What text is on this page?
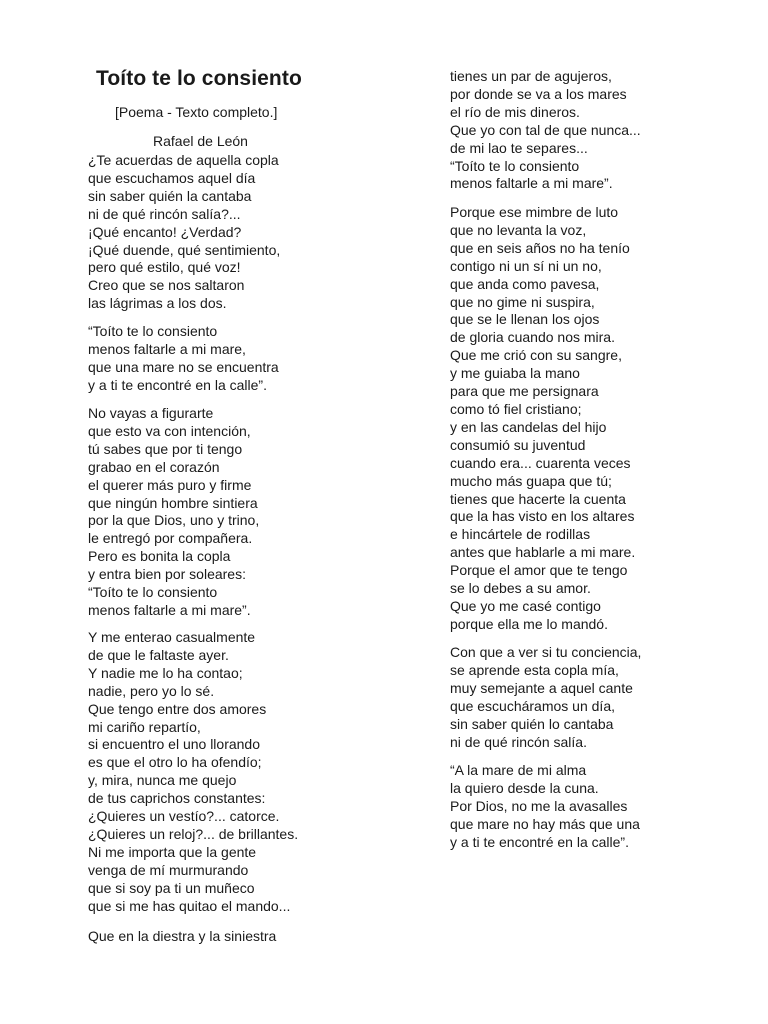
Toíto te lo consiento

[Poema - Texto completo.]

Rafael de León

¿Te acuerdas de aquella copla
que escuchamos aquel día
sin saber quién la cantaba
ni de qué rincón salía?...
¡Qué encanto! ¿Verdad?
¡Qué duende, qué sentimiento,
pero qué estilo, qué voz!
Creo que se nos saltaron
las lágrimas a los dos.

“Toíto te lo consiento
menos faltarle a mi mare,
que una mare no se encuentra
y a ti te encontré en la calle”.

No vayas a figurarte
que esto va con intención,
tú sabes que por ti tengo
grabao en el corazón
el querer más puro y firme
que ningún hombre sintiera
por la que Dios, uno y trino,
le entregó por compañera.
Pero es bonita la copla
y entra bien por soleares:
“Toíto te lo consiento
menos faltarle a mi mare”.

Y me enterao casualmente
de que le faltaste ayer.
Y nadie me lo ha contao;
nadie, pero yo lo sé.
Que tengo entre dos amores
mi cariño repartío,
si encuentro el uno llorando
es que el otro lo ha ofendío;
y, mira, nunca me quejo
de tus caprichos constantes:
¿Quieres un vestío?... catorce.
¿Quieres un reloj?... de brillantes.
Ni me importa que la gente
venga de mí murmurando
que si soy pa ti un muñeco
que si me has quitao el mando...

Que en la diestra y la siniestra

tienes un par de agujeros,
por donde se va a los mares
el río de mis dineros.
Que yo con tal de que nunca...
de mi lao te separes...
“Toíto te lo consiento
menos faltarle a mi mare”.

Porque ese mimbre de luto
que no levanta la voz,
que en seis años no ha tenío
contigo ni un sí ni un no,
que anda como pavesa,
que no gime ni suspira,
que se le llenan los ojos
de gloria cuando nos mira.
Que me crió con su sangre,
y me guiaba la mano
para que me persignara
como tó fiel cristiano;
y en las candelas del hijo
consumió su juventud
cuando era... cuarenta veces
mucho más guapa que tú;
tienes que hacerte la cuenta
que la has visto en los altares
e hincártele de rodillas
antes que hablarle a mi mare.
Porque el amor que te tengo
se lo debes a su amor.
Que yo me casé contigo
porque ella me lo mandó.

Con que a ver si tu conciencia,
se aprende esta copla mía,
muy semejante a aquel cante
que escucháramos un día,
sin saber quién lo cantaba
ni de qué rincón salía.

“A la mare de mi alma
la quiero desde la cuna.
Por Dios, no me la avasalles
que mare no hay más que una
y a ti te encontré en la calle”.
